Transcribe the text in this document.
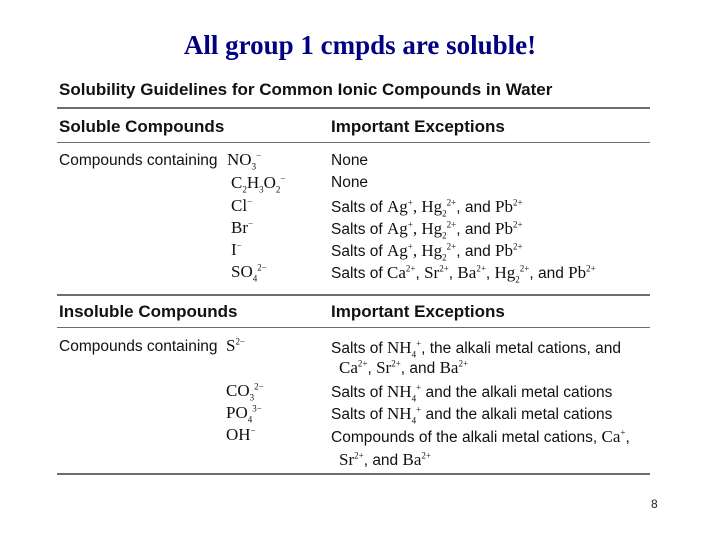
All group 1 cmpds are soluble!
Solubility Guidelines for Common Ionic Compounds in Water
Soluble Compounds	Important Exceptions
Compounds containing $NO_3^-$
$C_2H_3O_2^-$
Cl−
Br−
I−
$SO_4^{2-}$
None
None
Salts of Ag+, $Hg_2^{2+}$, and $Pb^{2+}$
Salts of Ag+, $Hg_2^{2+}$, and $Pb^{2+}$
Salts of Ag+, $Hg_2^{2+}$, and $Pb^{2+}$
Salts of $Ca^{2+}$, $Sr^{2+}$, $Ba^{2+}$, $Hg_2^{2+}$, and $Pb^{2+}$
Insoluble Compounds	Important Exceptions
Compounds containing $S^{2-}$
$CO_3^{2-}$
$PO_4^{3-}$
OH−
Salts of $NH_4^+$, the alkali metal cations, and
$Ca^{2+}$, $Sr^{2+}$, and $Ba^{2+}$
Salts of $NH_4^+$ and the alkali metal cations
Salts of $NH_4^+$ and the alkali metal cations
Compounds of the alkali metal cations, Ca+,
$Sr^{2+}$, and $Ba^{2+}$
8
